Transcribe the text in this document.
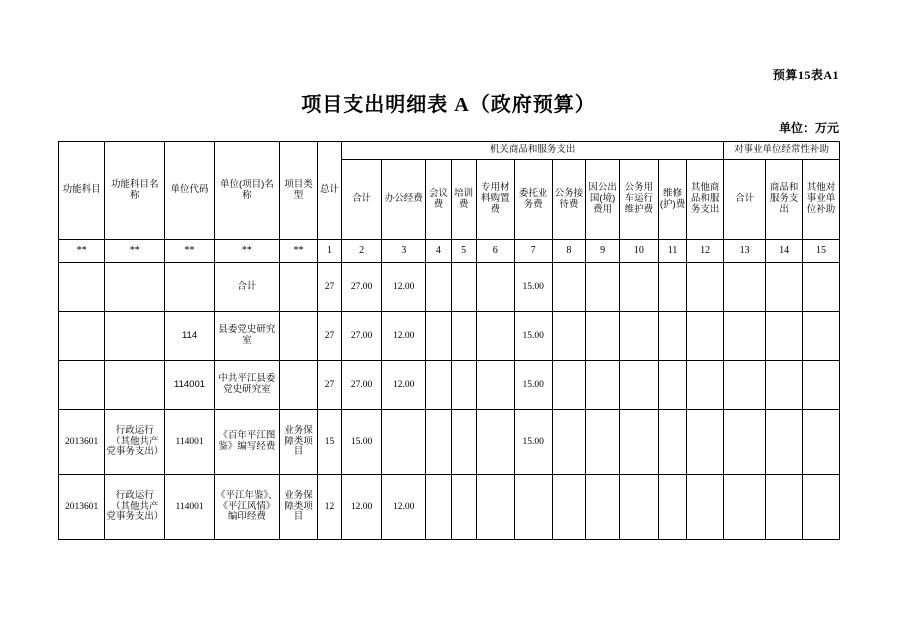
预算15表A1
项目支出明细表 A（政府预算）
单位：万元
功能科目	功能科目名称	单位代码	单位(项目)名称	项目类型	总计	机关商品和服务支出											对事业单位经常性补助		
						合计	办公经费	会议费	培训费	专用材料购置费	委托业务费	公务接待费	因公出国(境)费用	公务用车运行维护费	维修(护)费	其他商品和服务支出	合计	商品和服务支出	其他对事业单位补助
**	**	**	**	**	1	2	3	4	5	6	7	8	9	10	11	12	13	14	15
			合计		27	27.00	12.00				15.00								
		114	县委党史研究室		27	27.00	12.00				15.00								
		114001	中共平江县委党史研究室		27	27.00	12.00				15.00								
2013601	行政运行（其他共产党事务支出）	114001	《百年平江图鉴》编写经费	业务保障类项目	15	15.00					15.00								
2013601	行政运行（其他共产党事务支出）	114001	《平江年鉴》、《平江风情》编印经费	业务保障类项目	12	12.00	12.00												
